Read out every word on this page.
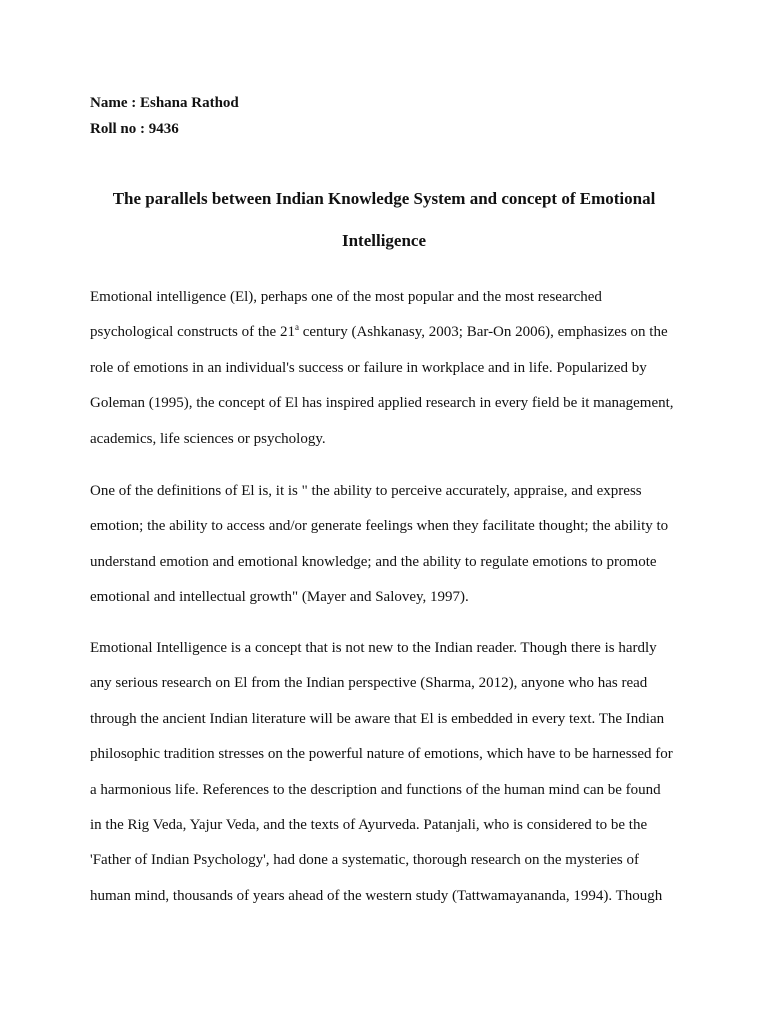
Name : Eshana Rathod
Roll no : 9436
The parallels between Indian Knowledge System and concept of Emotional
Intelligence
Emotional intelligence (El), perhaps one of the most popular and the most researched
psychological constructs of the 21$^a$ century (Ashkanasy, 2003; Bar-On 2006), emphasizes on the
role of emotions in an individual's success or failure in workplace and in life. Popularized by
Goleman (1995), the concept of El has inspired applied research in every field be it management,
academics, life sciences or psychology.
One of the definitions of El is, it is " the ability to perceive accurately, appraise, and express
emotion; the ability to access and/or generate feelings when they facilitate thought; the ability to
understand emotion and emotional knowledge; and the ability to regulate emotions to promote
emotional and intellectual growth" (Mayer and Salovey, 1997).
Emotional Intelligence is a concept that is not new to the Indian reader. Though there is hardly
any serious research on El from the Indian perspective (Sharma, 2012), anyone who has read
through the ancient Indian literature will be aware that El is embedded in every text. The Indian
philosophic tradition stresses on the powerful nature of emotions, which have to be harnessed for
a harmonious life. References to the description and functions of the human mind can be found
in the Rig Veda, Yajur Veda, and the texts of Ayurveda. Patanjali, who is considered to be the
'Father of Indian Psychology', had done a systematic, thorough research on the mysteries of
human mind, thousands of years ahead of the western study (Tattwamayananda, 1994). Though
